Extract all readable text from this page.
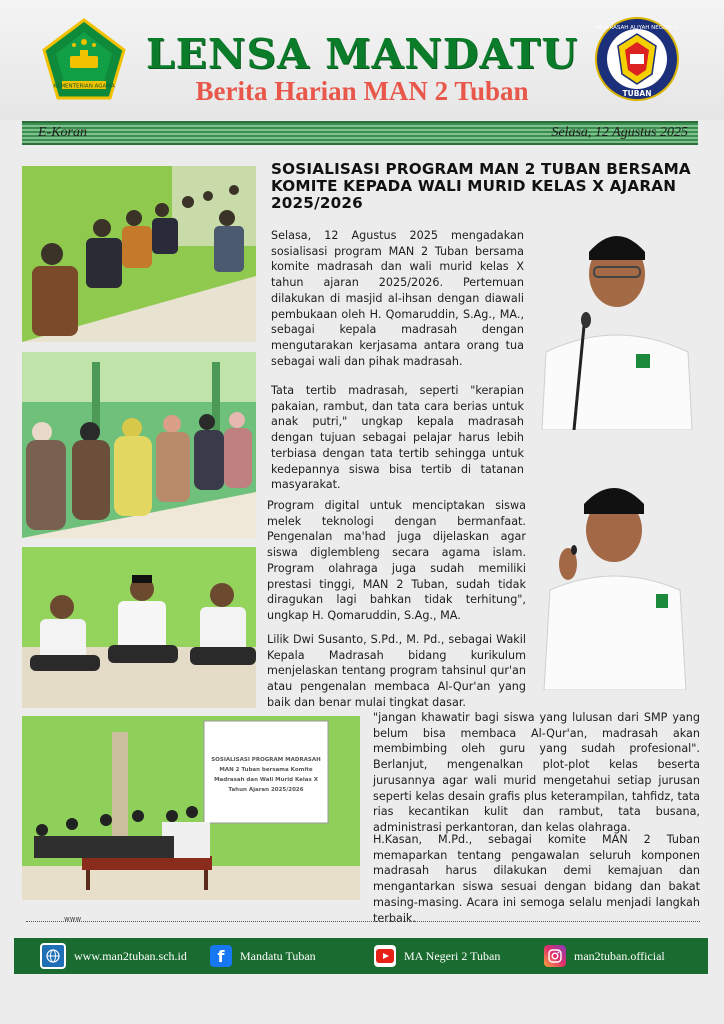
KEMENTERIAN AGAMA
MADRASAH ALIYAH NEGERI 2
TUBAN
LENSA MANDATU
Berita Harian MAN 2 Tuban
E-Koran	Selasa, 12 Agustus 2025
SOSIALISASI PROGRAM MAN 2 TUBAN BERSAMA KOMITE KEPADA WALI MURID KELAS X AJARAN 2025/2026
SOSIALISASI PROGRAM MADRASAH
MAN 2 Tuban bersama Komite
Madrasah dan Wali Murid Kelas X
Tahun Ajaran 2025/2026
Selasa, 12 Agustus 2025 mengadakan sosialisasi program MAN 2 Tuban bersama komite madrasah dan wali murid kelas X tahun ajaran 2025/2026. Pertemuan dilakukan di masjid al-ihsan dengan diawali pembukaan oleh H. Qomaruddin, S.Ag., MA., sebagai kepala madrasah dengan mengutarakan kerjasama antara orang tua sebagai wali dan pihak madrasah.
Tata tertib madrasah, seperti "kerapian pakaian, rambut, dan tata cara berias untuk anak putri," ungkap kepala madrasah dengan tujuan sebagai pelajar harus lebih terbiasa dengan tata tertib sehingga untuk kedepannya siswa bisa tertib di tatanan masyarakat.
Program digital untuk menciptakan siswa melek teknologi dengan bermanfaat. Pengenalan ma'had juga dijelaskan agar siswa diglembleng secara agama islam. Program olahraga juga sudah memiliki prestasi tinggi, MAN 2 Tuban, sudah tidak diragukan lagi bahkan tidak terhitung", ungkap H. Qomaruddin, S.Ag., MA.
Lilik Dwi Susanto, S.Pd., M. Pd., sebagai Wakil Kepala Madrasah bidang kurikulum menjelaskan tentang program tahsinul qur'an atau pengenalan membaca Al-Qur'an yang baik dan benar mulai tingkat dasar.
"jangan khawatir bagi siswa yang lulusan dari SMP yang belum bisa membaca Al-Qur'an, madrasah akan membimbing oleh guru yang sudah profesional". Berlanjut, mengenalkan plot-plot kelas beserta jurusannya agar wali murid mengetahui setiap jurusan seperti kelas desain grafis plus keterampilan, tahfidz, tata rias kecantikan kulit dan rambut, tata busana, administrasi perkantoran, dan kelas olahraga.
H.Kasan, M.Pd., sebagai komite MAN 2 Tuban memaparkan tentang pengawalan seluruh komponen madrasah harus dilakukan demi kemajuan dan mengantarkan siswa sesuai dengan bidang dan bakat masing-masing. Acara ini semoga selalu menjadi langkah terbaik.
www
www.man2tuban.sch.id	f	Mandatu Tuban	MA Negeri 2 Tuban	man2tuban.official
